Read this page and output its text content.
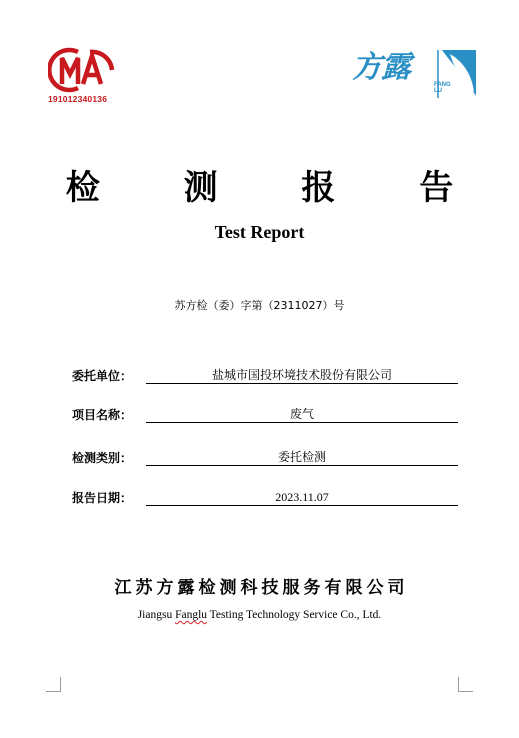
191012340136
方露	FANG LU
检 测 报 告
Test Report
苏方检（委）字第（2311027）号
委托单位：	盐城市国投环境技术股份有限公司
项目名称：	废气
检测类别：	委托检测
报告日期：	2023.11.07
江苏方露检测科技服务有限公司
Jiangsu Fanglu Testing Technology Service Co., Ltd.
